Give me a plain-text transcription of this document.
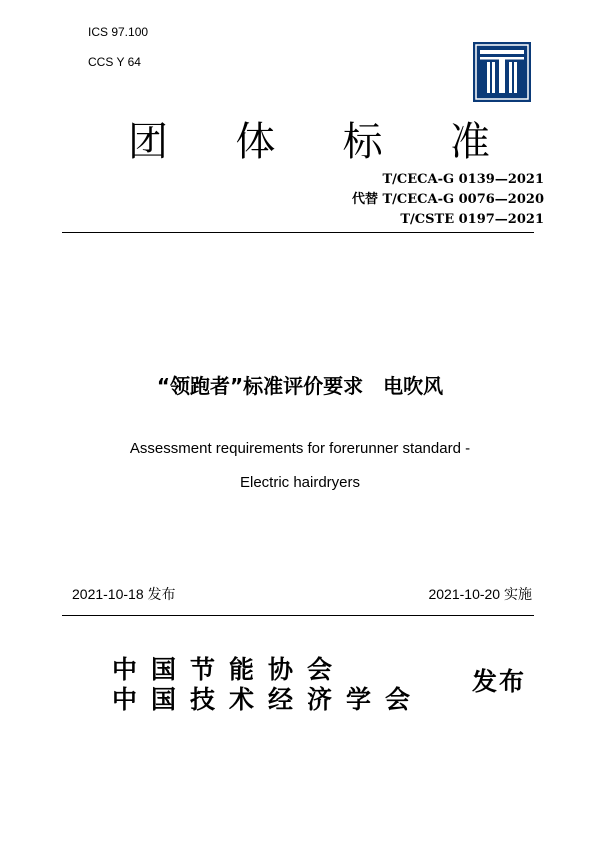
ICS 97.100
CCS Y 64
团 体 标 准
T/CECA-G 0139—2021
代替 T/CECA-G 0076—2020
T/CSTE 0197—2021
“领跑者”标准评价要求　电吹风
Assessment requirements for forerunner standard -
Electric hairdryers
2021-10-18 发布	2021-10-20 实施
中国节能协会
中国技术经济学会
发布
